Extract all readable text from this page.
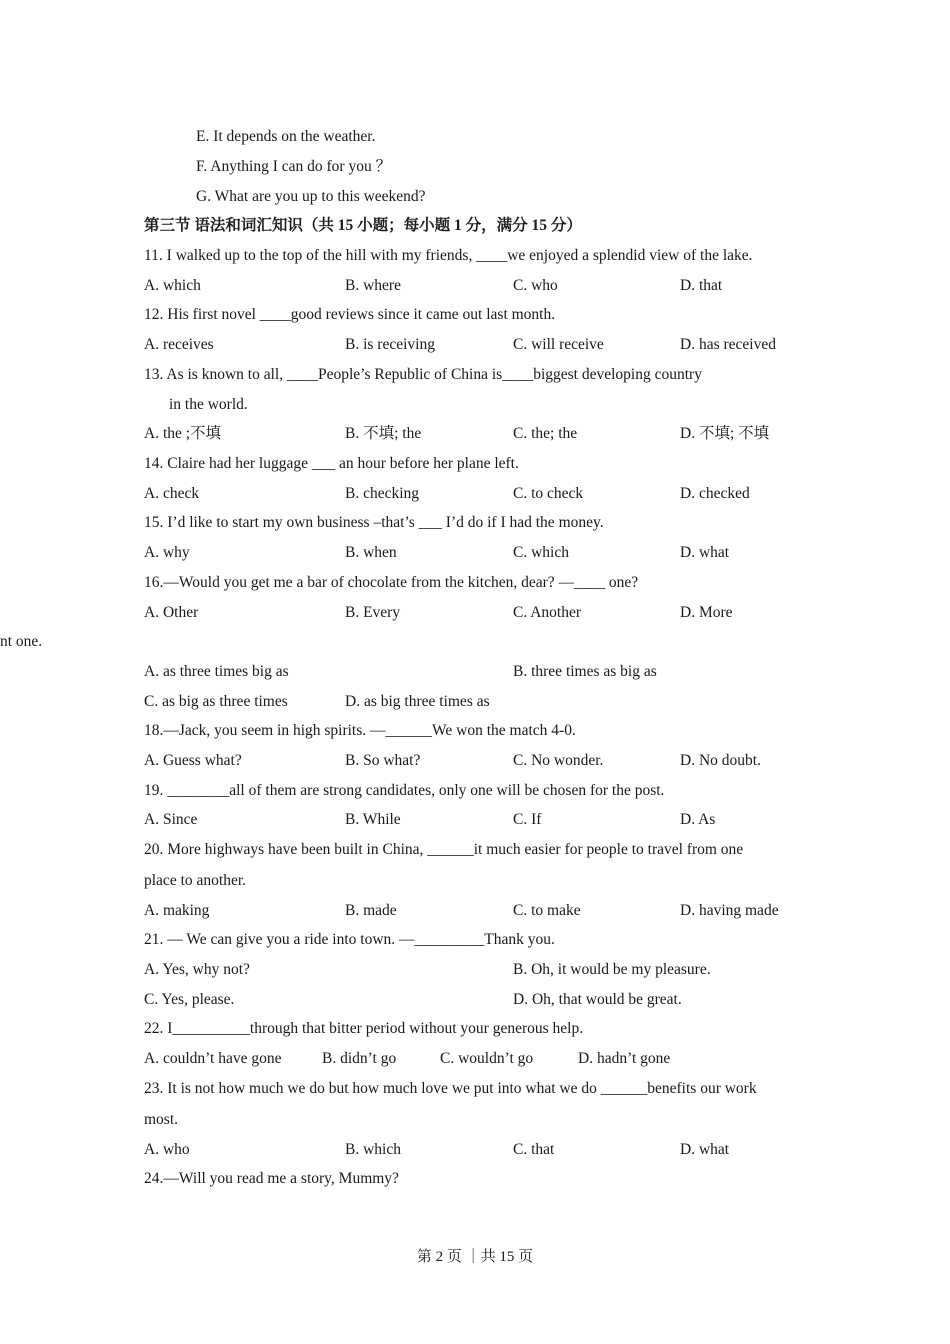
E. It depends on the weather.
F. Anything I can do for you ？
G. What are you up to this weekend?
第三节 语法和词汇知识（共 15 小题；每小题 1 分，满分 15 分）
11. I walked up to the top of the hill with my friends, ____we enjoyed a splendid view of the lake.
A. which	B. where	C. who	D. that
12. His first novel ____good reviews since it came out last month.
A. receives	B. is receiving	C. will receive	D. has received
13. As is known to all, ____People’s Republic of China is____biggest developing country
in the world.
A. the ;不填	B. 不填; the	C. the; the	D. 不填; 不填
14. Claire had her luggage ___ an hour before her plane left.
A. check	B. checking	C. to check	D. checked
15. I’d like to start my own business –that’s ___ I’d do if I had the money.
A. why	B. when	C. which	D. what
16.—Would you get me a bar of chocolate from the kitchen, dear? —____ one?
A. Other	B. Every	C. Another	D. More
nt one.
A. as three times big as	B. three times as big as
C. as big as three times	D. as big three times as
18.—Jack, you seem in high spirits. —______We won the match 4-0.
A. Guess what?	B. So what?	C. No wonder.	D. No doubt.
19. ________all of them are strong candidates, only one will be chosen for the post.
A. Since	B. While	C. If	D. As
20. More highways have been built in China, ______it much easier for people to travel from one
place to another.
A. making	B. made	C. to make	D. having made
21. — We can give you a ride into town. —_________Thank you.
A. Yes, why not?	B. Oh, it would be my pleasure.
C. Yes, please.	D. Oh, that would be great.
22. I__________through that bitter period without your generous help.
A. couldn’t have gone	B. didn’t go	C. wouldn’t go	D. hadn’t gone
23. It is not how much we do but how much love we put into what we do ______benefits our work
most.
A. who	B. which	C. that	D. what
24.—Will you read me a story, Mummy?
第 2 页 ｜共 15 页
